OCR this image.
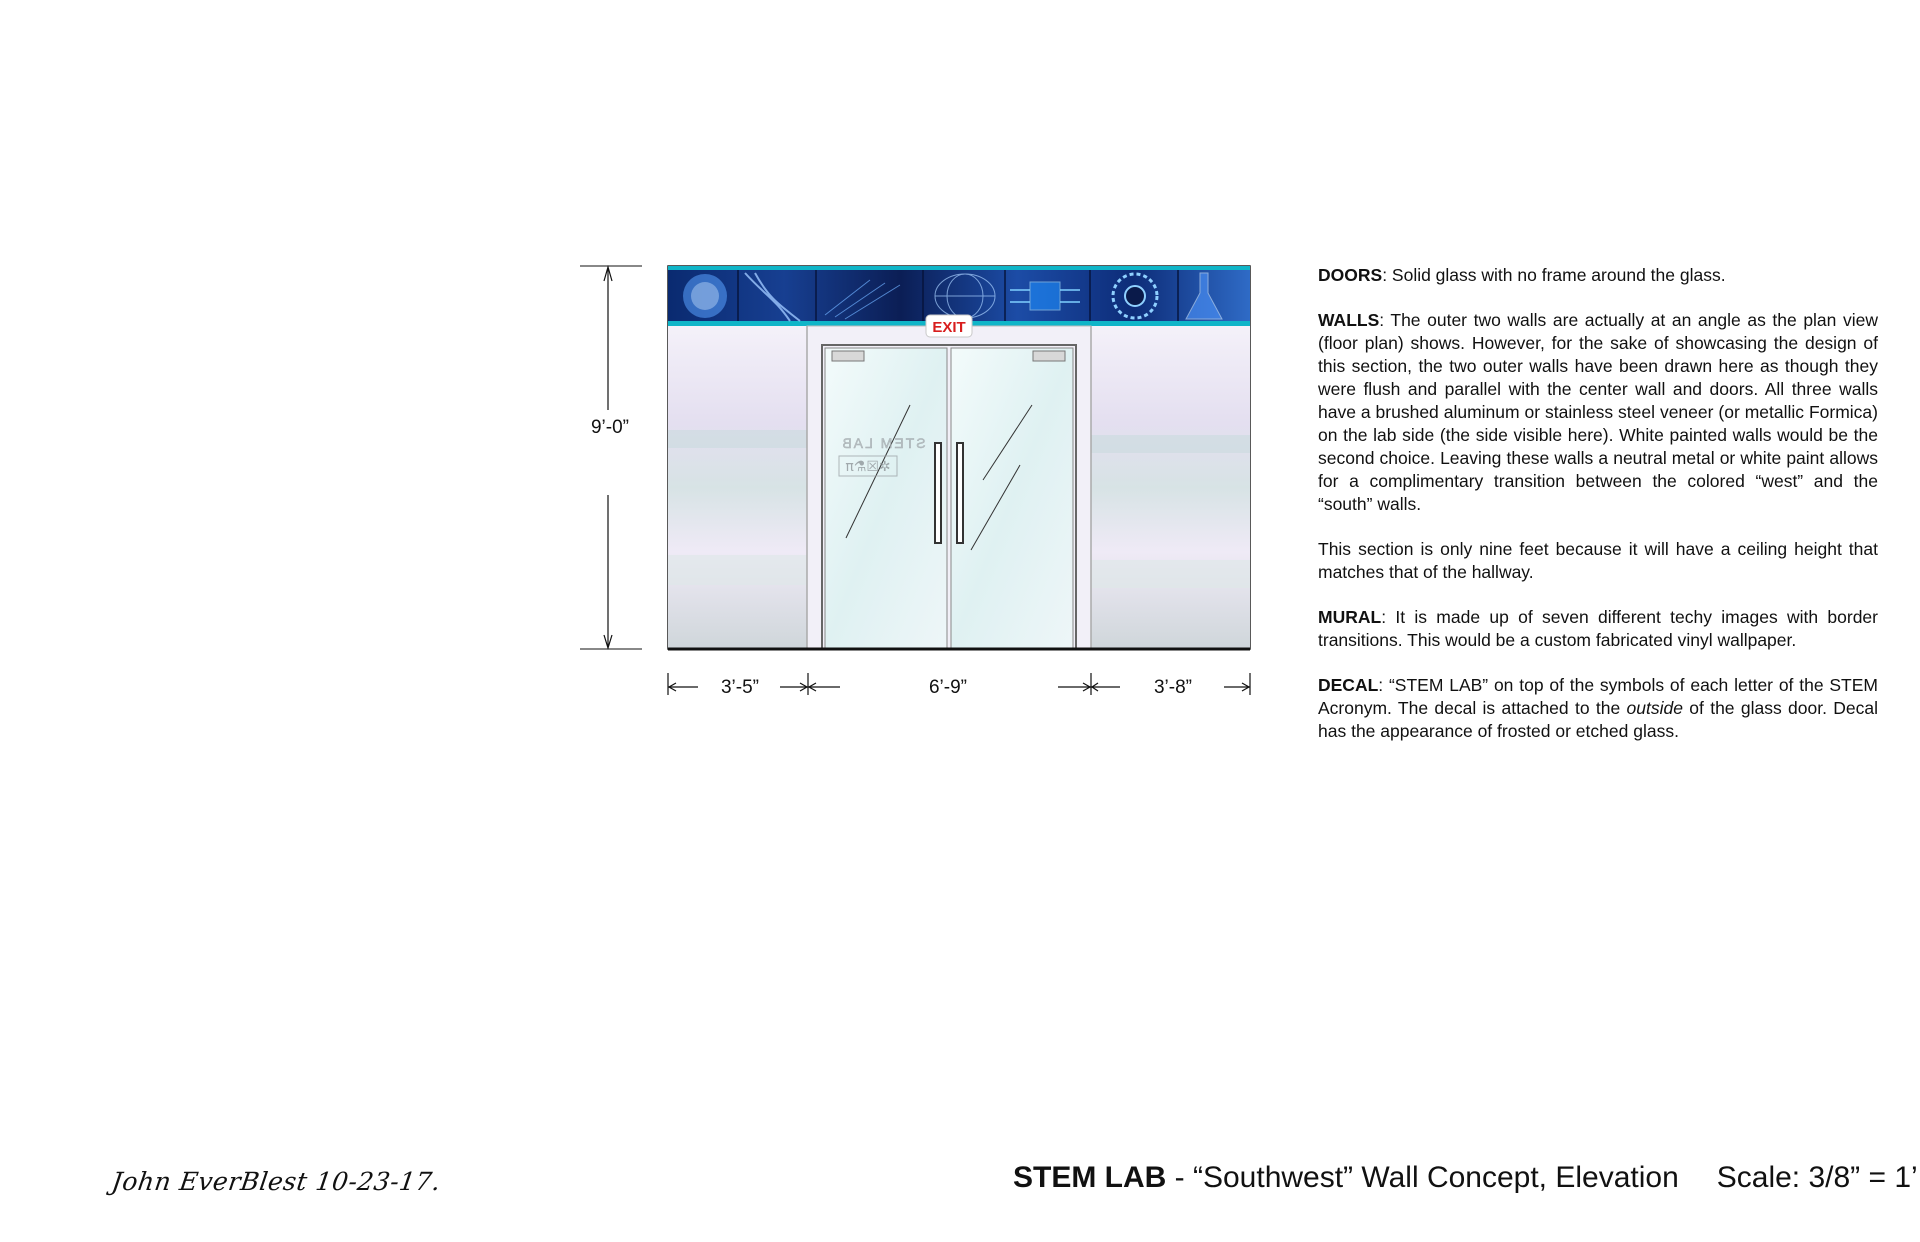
9’-0”
STEM LAB
π⚗☒✲
EXIT
3’-5”	6’-9”	3’-8”

DOORS: Solid glass with no frame around the glass.

WALLS: The outer two walls are actually at an angle as the plan view (floor plan) shows. However, for the sake of showcasing the design of this section, the two outer walls have been drawn here as though they were flush and parallel with the center wall and doors. All three walls have a brushed aluminum or stainless steel veneer (or metallic Formica) on the lab side (the side visible here). White painted walls would be the second choice. Leaving these walls a neutral metal or white paint allows for a complimentary transition between the colored “west” and the “south” walls.

This section is only nine feet because it will have a ceiling height that matches that of the hallway.

MURAL: It is made up of seven different techy images with border transitions. This would be a custom fabricated vinyl wallpaper.

DECAL: “STEM LAB” on top of the symbols of each letter of the STEM Acronym. The decal is attached to the outside of the glass door. Decal has the appearance of frosted or etched glass.

John EverBlest 10-23-17.	STEM LAB - “Southwest” Wall Concept, Elevation Scale: 3/8” = 1’
